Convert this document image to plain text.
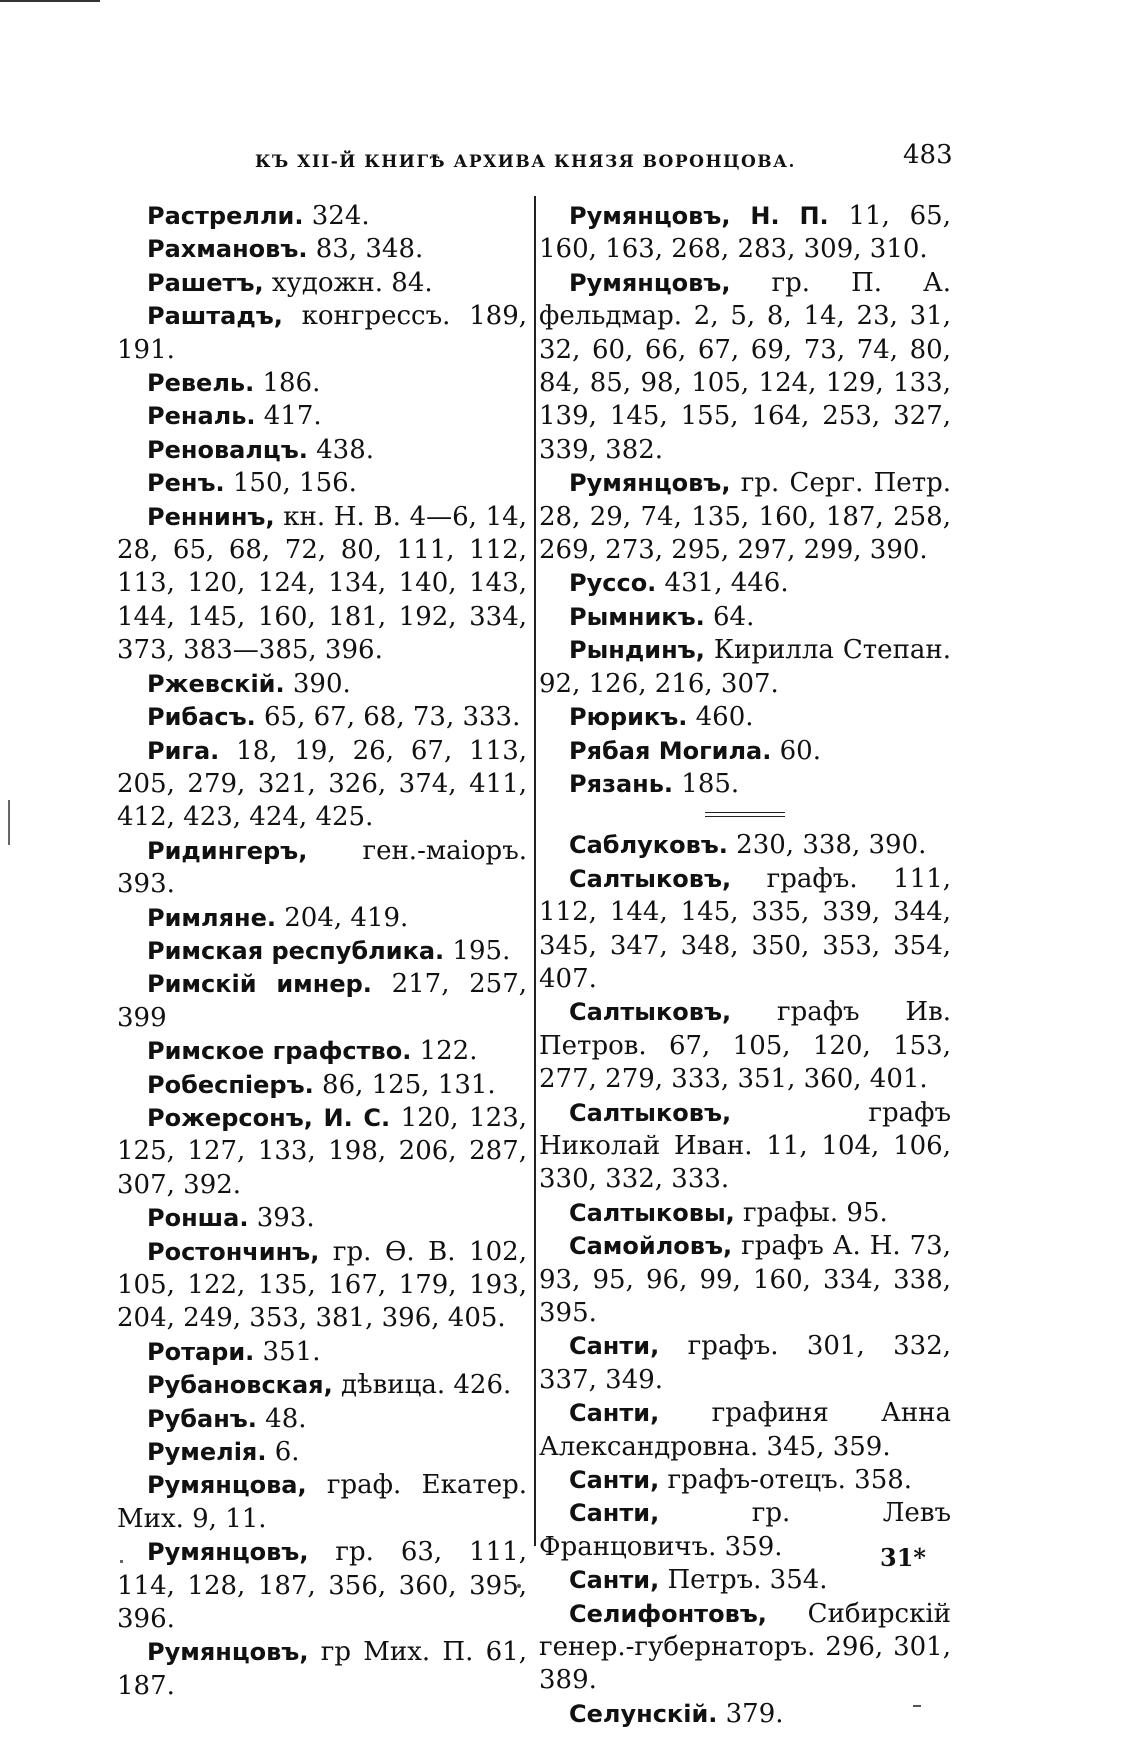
КЪ XII-Й КНИГѢ АРХИВА КНЯЗЯ ВОРОНЦОВА.	483
Растрелли. 324.
Рахмановъ. 83, 348.
Рашетъ, художн. 84.
Раштадъ, конгрессъ. 189, 191.
Ревель. 186.
Реналь. 417.
Реновалцъ. 438.
Ренъ. 150, 156.
Реннинъ, кн. Н. В. 4—6, 14, 28, 65, 68, 72, 80, 111, 112, 113, 120, 124, 134, 140, 143, 144, 145, 160, 181, 192, 334, 373, 383—385, 396.
Ржевскій. 390.
Рибасъ. 65, 67, 68, 73, 333.
Рига. 18, 19, 26, 67, 113, 205, 279, 321, 326, 374, 411, 412, 423, 424, 425.
Ридингеръ, ген.-маіоръ. 393.
Римляне. 204, 419.
Римская республика. 195.
Римскій имнер. 217, 257, 399
Римское графство. 122.
Робеспіеръ. 86, 125, 131.
Рожерсонъ, И. С. 120, 123, 125, 127, 133, 198, 206, 287, 307, 392.
Ронша. 393.
Ростончинъ, гр. Ө. В. 102, 105, 122, 135, 167, 179, 193, 204, 249, 353, 381, 396, 405.
Ротари. 351.
Рубановская, дѣвица. 426.
Рубанъ. 48.
Румелія. 6.
Румянцова, граф. Екатер. Мих. 9, 11.
Румянцовъ, гр. 63, 111, 114, 128, 187, 356, 360, 395, 396.
Румянцовъ, гр Мих. П. 61, 187.
Румянцовъ, Н. П. 11, 65, 160, 163, 268, 283, 309, 310.
Румянцовъ, гр. П. А. фельдмар. 2, 5, 8, 14, 23, 31, 32, 60, 66, 67, 69, 73, 74, 80, 84, 85, 98, 105, 124, 129, 133, 139, 145, 155, 164, 253, 327, 339, 382.
Румянцовъ, гр. Серг. Петр. 28, 29, 74, 135, 160, 187, 258, 269, 273, 295, 297, 299, 390.
Руссо. 431, 446.
Рымникъ. 64.
Рындинъ, Кирилла Степан. 92, 126, 216, 307.
Рюрикъ. 460.
Рябая Могила. 60.
Рязань. 185.
Саблуковъ. 230, 338, 390.
Салтыковъ, графъ. 111, 112, 144, 145, 335, 339, 344, 345, 347, 348, 350, 353, 354, 407.
Салтыковъ, графъ Ив. Петров. 67, 105, 120, 153, 277, 279, 333, 351, 360, 401.
Салтыковъ, графъ Николай Иван. 11, 104, 106, 330, 332, 333.
Салтыковы, графы. 95.
Самойловъ, графъ А. Н. 73, 93, 95, 96, 99, 160, 334, 338, 395.
Санти, графъ. 301, 332, 337, 349.
Санти, графиня Анна Александровна. 345, 359.
Санти, графъ-отецъ. 358.
Санти, гр. Левъ Францовичъ. 359.
Санти, Петръ. 354.
Селифонтовъ, Сибирскій генер.-губернаторъ. 296, 301, 389.
Селунскій. 379.
31*
